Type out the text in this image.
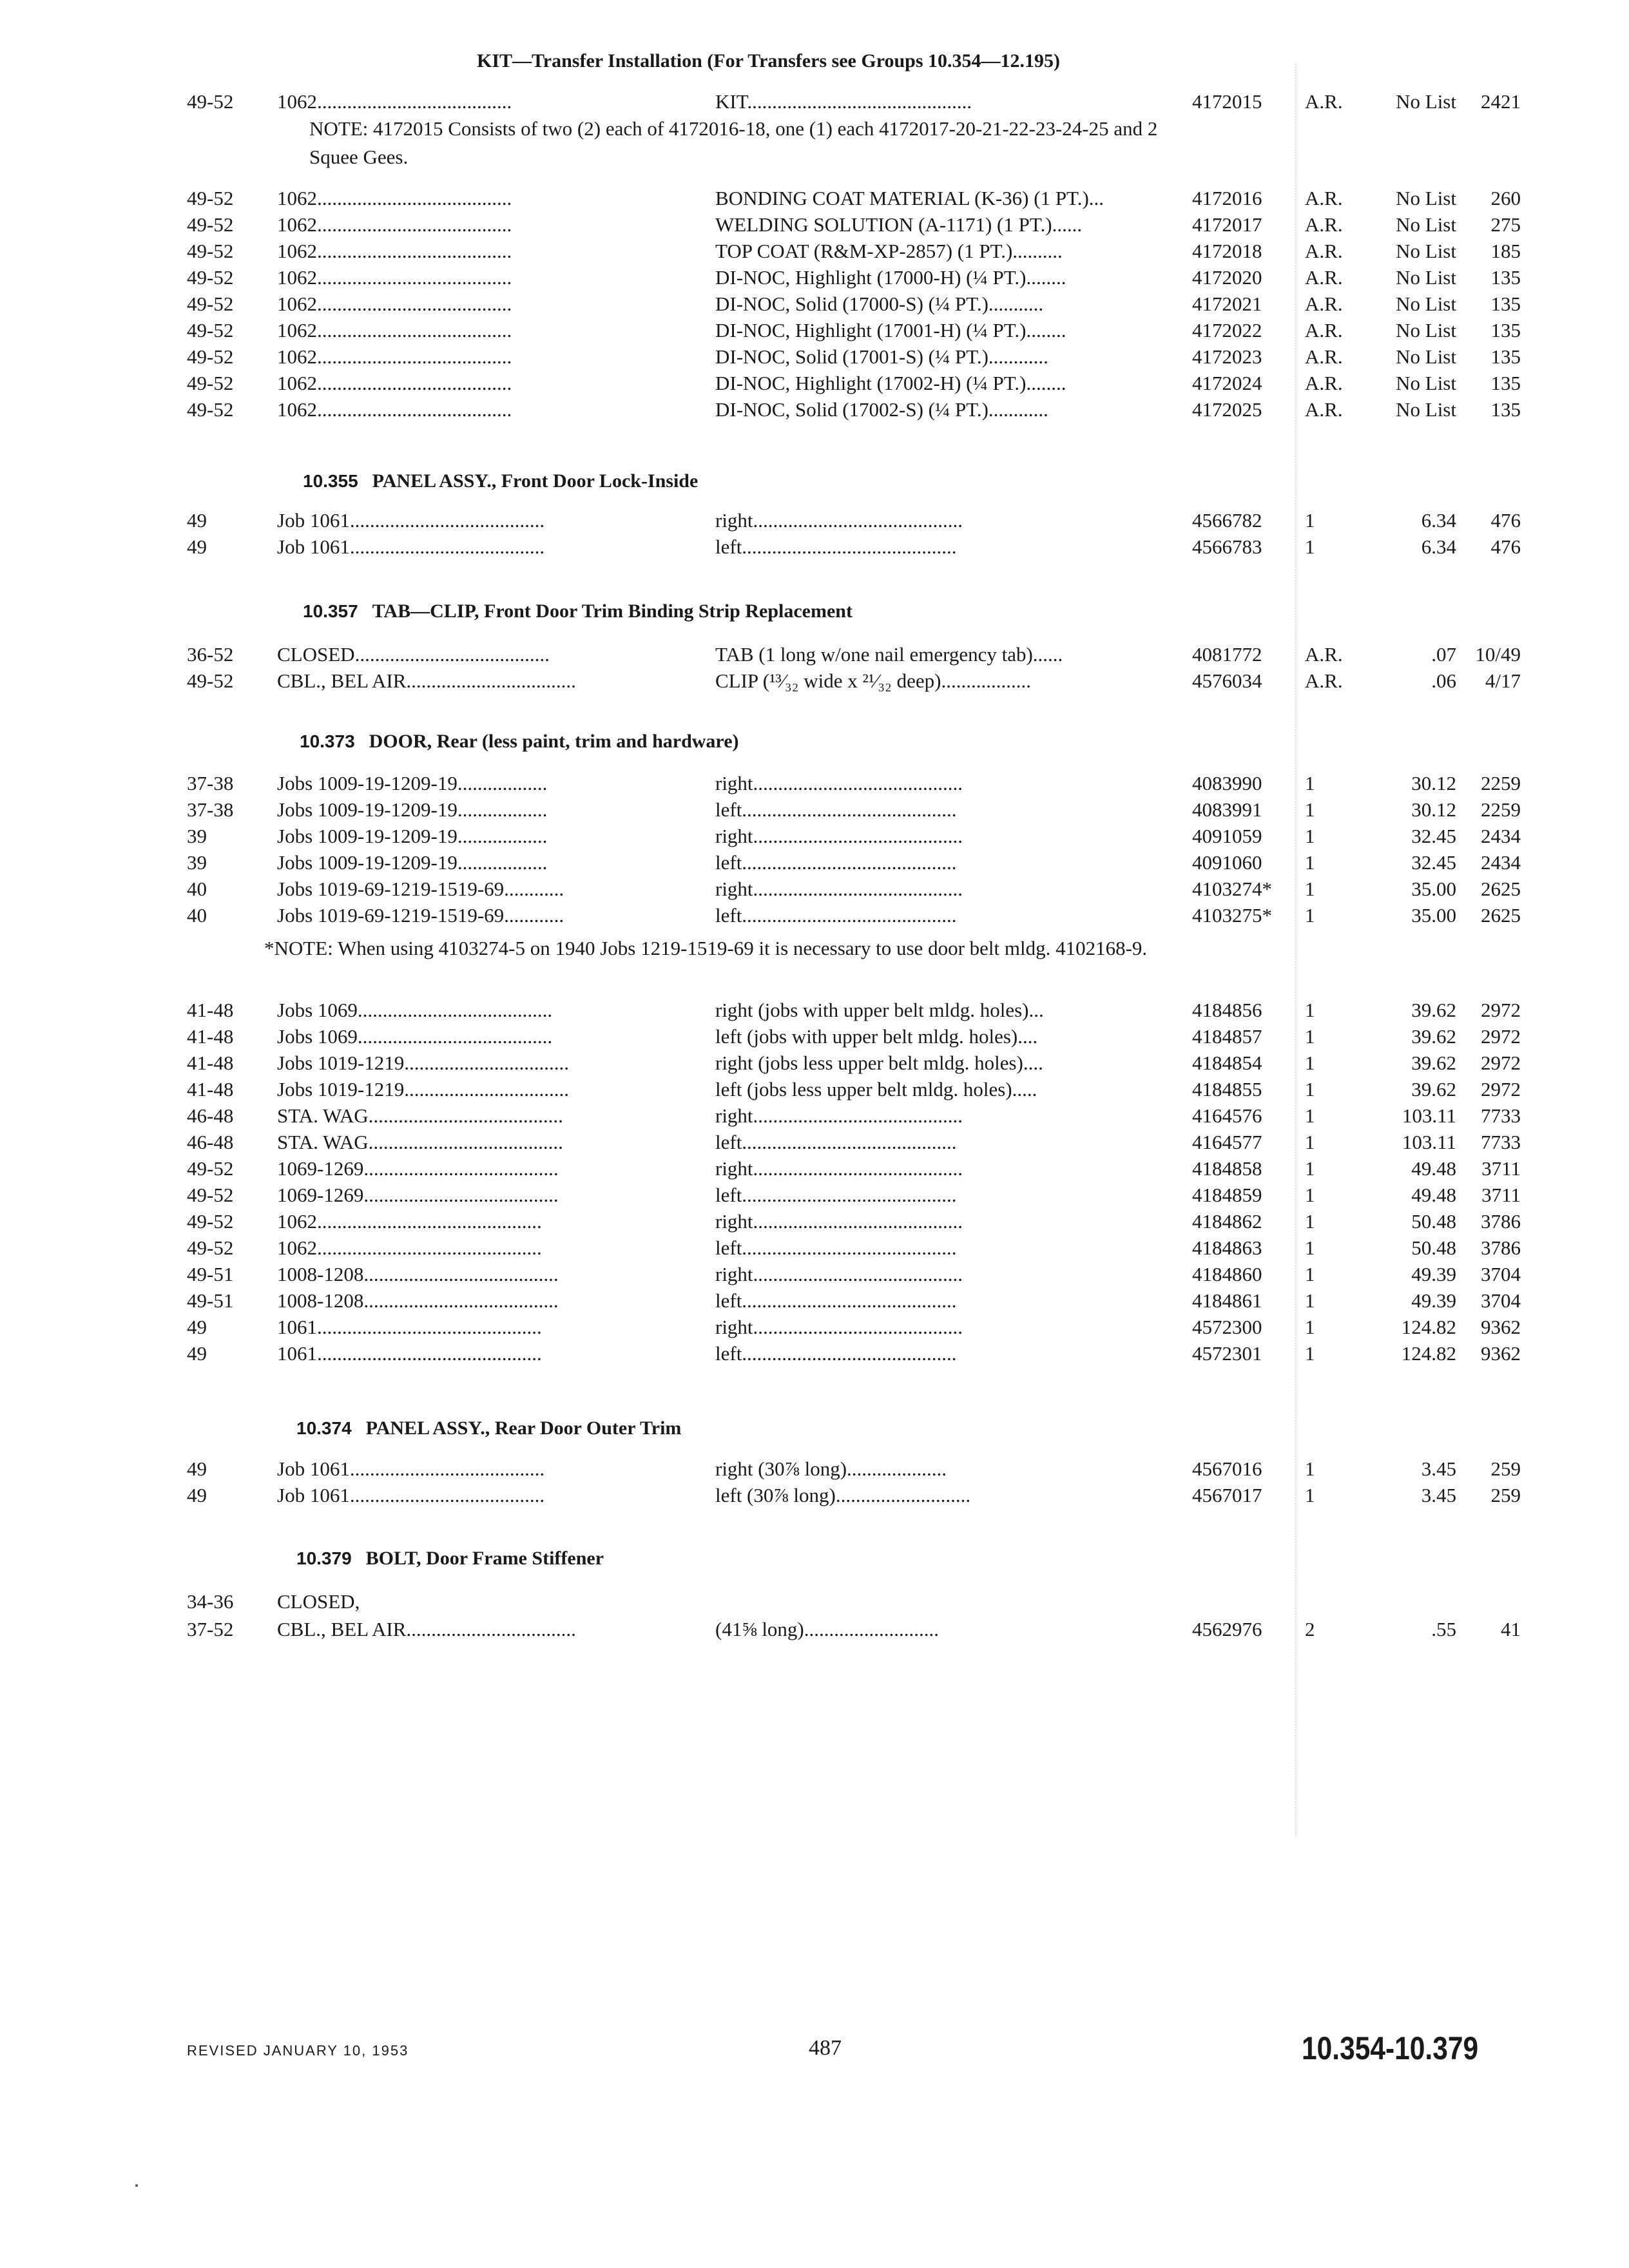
KIT—Transfer Installation (For Transfers see Groups 10.354—12.195)
49-52	1062.......................................	KIT.............................................	4172015	A.R.	No List	2421
NOTE: 4172015 Consists of two (2) each of 4172016-18, one (1) each 4172017-20-21-22-23-24-25 and 2 Squee Gees.
49-52	1062.......................................	BONDING COAT MATERIAL (K-36) (1 PT.)...	4172016	A.R.	No List	260
49-52	1062.......................................	WELDING SOLUTION (A-1171) (1 PT.)......	4172017	A.R.	No List	275
49-52	1062.......................................	TOP COAT (R&M-XP-2857) (1 PT.)..........	4172018	A.R.	No List	185
49-52	1062.......................................	DI-NOC, Highlight (17000-H) (¼ PT.)........	4172020	A.R.	No List	135
49-52	1062.......................................	DI-NOC, Solid (17000-S) (¼ PT.)...........	4172021	A.R.	No List	135
49-52	1062.......................................	DI-NOC, Highlight (17001-H) (¼ PT.)........	4172022	A.R.	No List	135
49-52	1062.......................................	DI-NOC, Solid (17001-S) (¼ PT.)............	4172023	A.R.	No List	135
49-52	1062.......................................	DI-NOC, Highlight (17002-H) (¼ PT.)........	4172024	A.R.	No List	135
49-52	1062.......................................	DI-NOC, Solid (17002-S) (¼ PT.)............	4172025	A.R.	No List	135
10.355 PANEL ASSY., Front Door Lock-Inside
49	Job 1061.......................................	right..........................................	4566782	1	6.34	476
49	Job 1061.......................................	left...........................................	4566783	1	6.34	476
10.357 TAB—CLIP, Front Door Trim Binding Strip Replacement
36-52	CLOSED.......................................	TAB (1 long w/one nail emergency tab)......	4081772	A.R.	.07 10/49
49-52	CBL., BEL AIR..................................	CLIP (¹³⁄₃₂ wide x ²¹⁄₃₂ deep)..................	4576034	A.R.	.06	4/17
10.373 DOOR, Rear (less paint, trim and hardware)
37-38	Jobs 1009-19-1209-19..................	right..........................................	4083990	1	30.12	2259
37-38	Jobs 1009-19-1209-19..................	left...........................................	4083991	1	30.12	2259
39	Jobs 1009-19-1209-19..................	right..........................................	4091059	1	32.45	2434
39	Jobs 1009-19-1209-19..................	left...........................................	4091060	1	32.45	2434
40	Jobs 1019-69-1219-1519-69............	right..........................................	4103274*	1	35.00	2625
40	Jobs 1019-69-1219-1519-69............	left...........................................	4103275*	1	35.00	2625
*NOTE: When using 4103274-5 on 1940 Jobs 1219-1519-69 it is necessary to use door belt mldg. 4102168-9.
41-48	Jobs 1069.......................................	right (jobs with upper belt mldg. holes)...	4184856	1	39.62	2972
41-48	Jobs 1069.......................................	left (jobs with upper belt mldg. holes)....	4184857	1	39.62	2972
41-48	Jobs 1019-1219.................................	right (jobs less upper belt mldg. holes)....	4184854	1	39.62	2972
41-48	Jobs 1019-1219.................................	left (jobs less upper belt mldg. holes).....	4184855	1	39.62	2972
46-48	STA. WAG.......................................	right..........................................	4164576	1	103.11	7733
46-48	STA. WAG.......................................	left...........................................	4164577	1	103.11	7733
49-52	1069-1269.......................................	right..........................................	4184858	1	49.48	3711
49-52	1069-1269.......................................	left...........................................	4184859	1	49.48	3711
49-52	1062.............................................	right..........................................	4184862	1	50.48	3786
49-52	1062.............................................	left...........................................	4184863	1	50.48	3786
49-51	1008-1208.......................................	right..........................................	4184860	1	49.39	3704
49-51	1008-1208.......................................	left...........................................	4184861	1	49.39	3704
49	1061.............................................	right..........................................	4572300	1	124.82	9362
49	1061.............................................	left...........................................	4572301	1	124.82	9362
10.374 PANEL ASSY., Rear Door Outer Trim
49	Job 1061.......................................	right (30⅞ long)....................	4567016	1	3.45	259
49	Job 1061.......................................	left (30⅞ long)...........................	4567017	1	3.45	259
10.379 BOLT, Door Frame Stiffener
34-36	CLOSED,
37-52	CBL., BEL AIR..................................	(41⅝ long)...........................	4562976	2	.55	41
REVISED JANUARY 10, 1953	487	10.354-10.379
